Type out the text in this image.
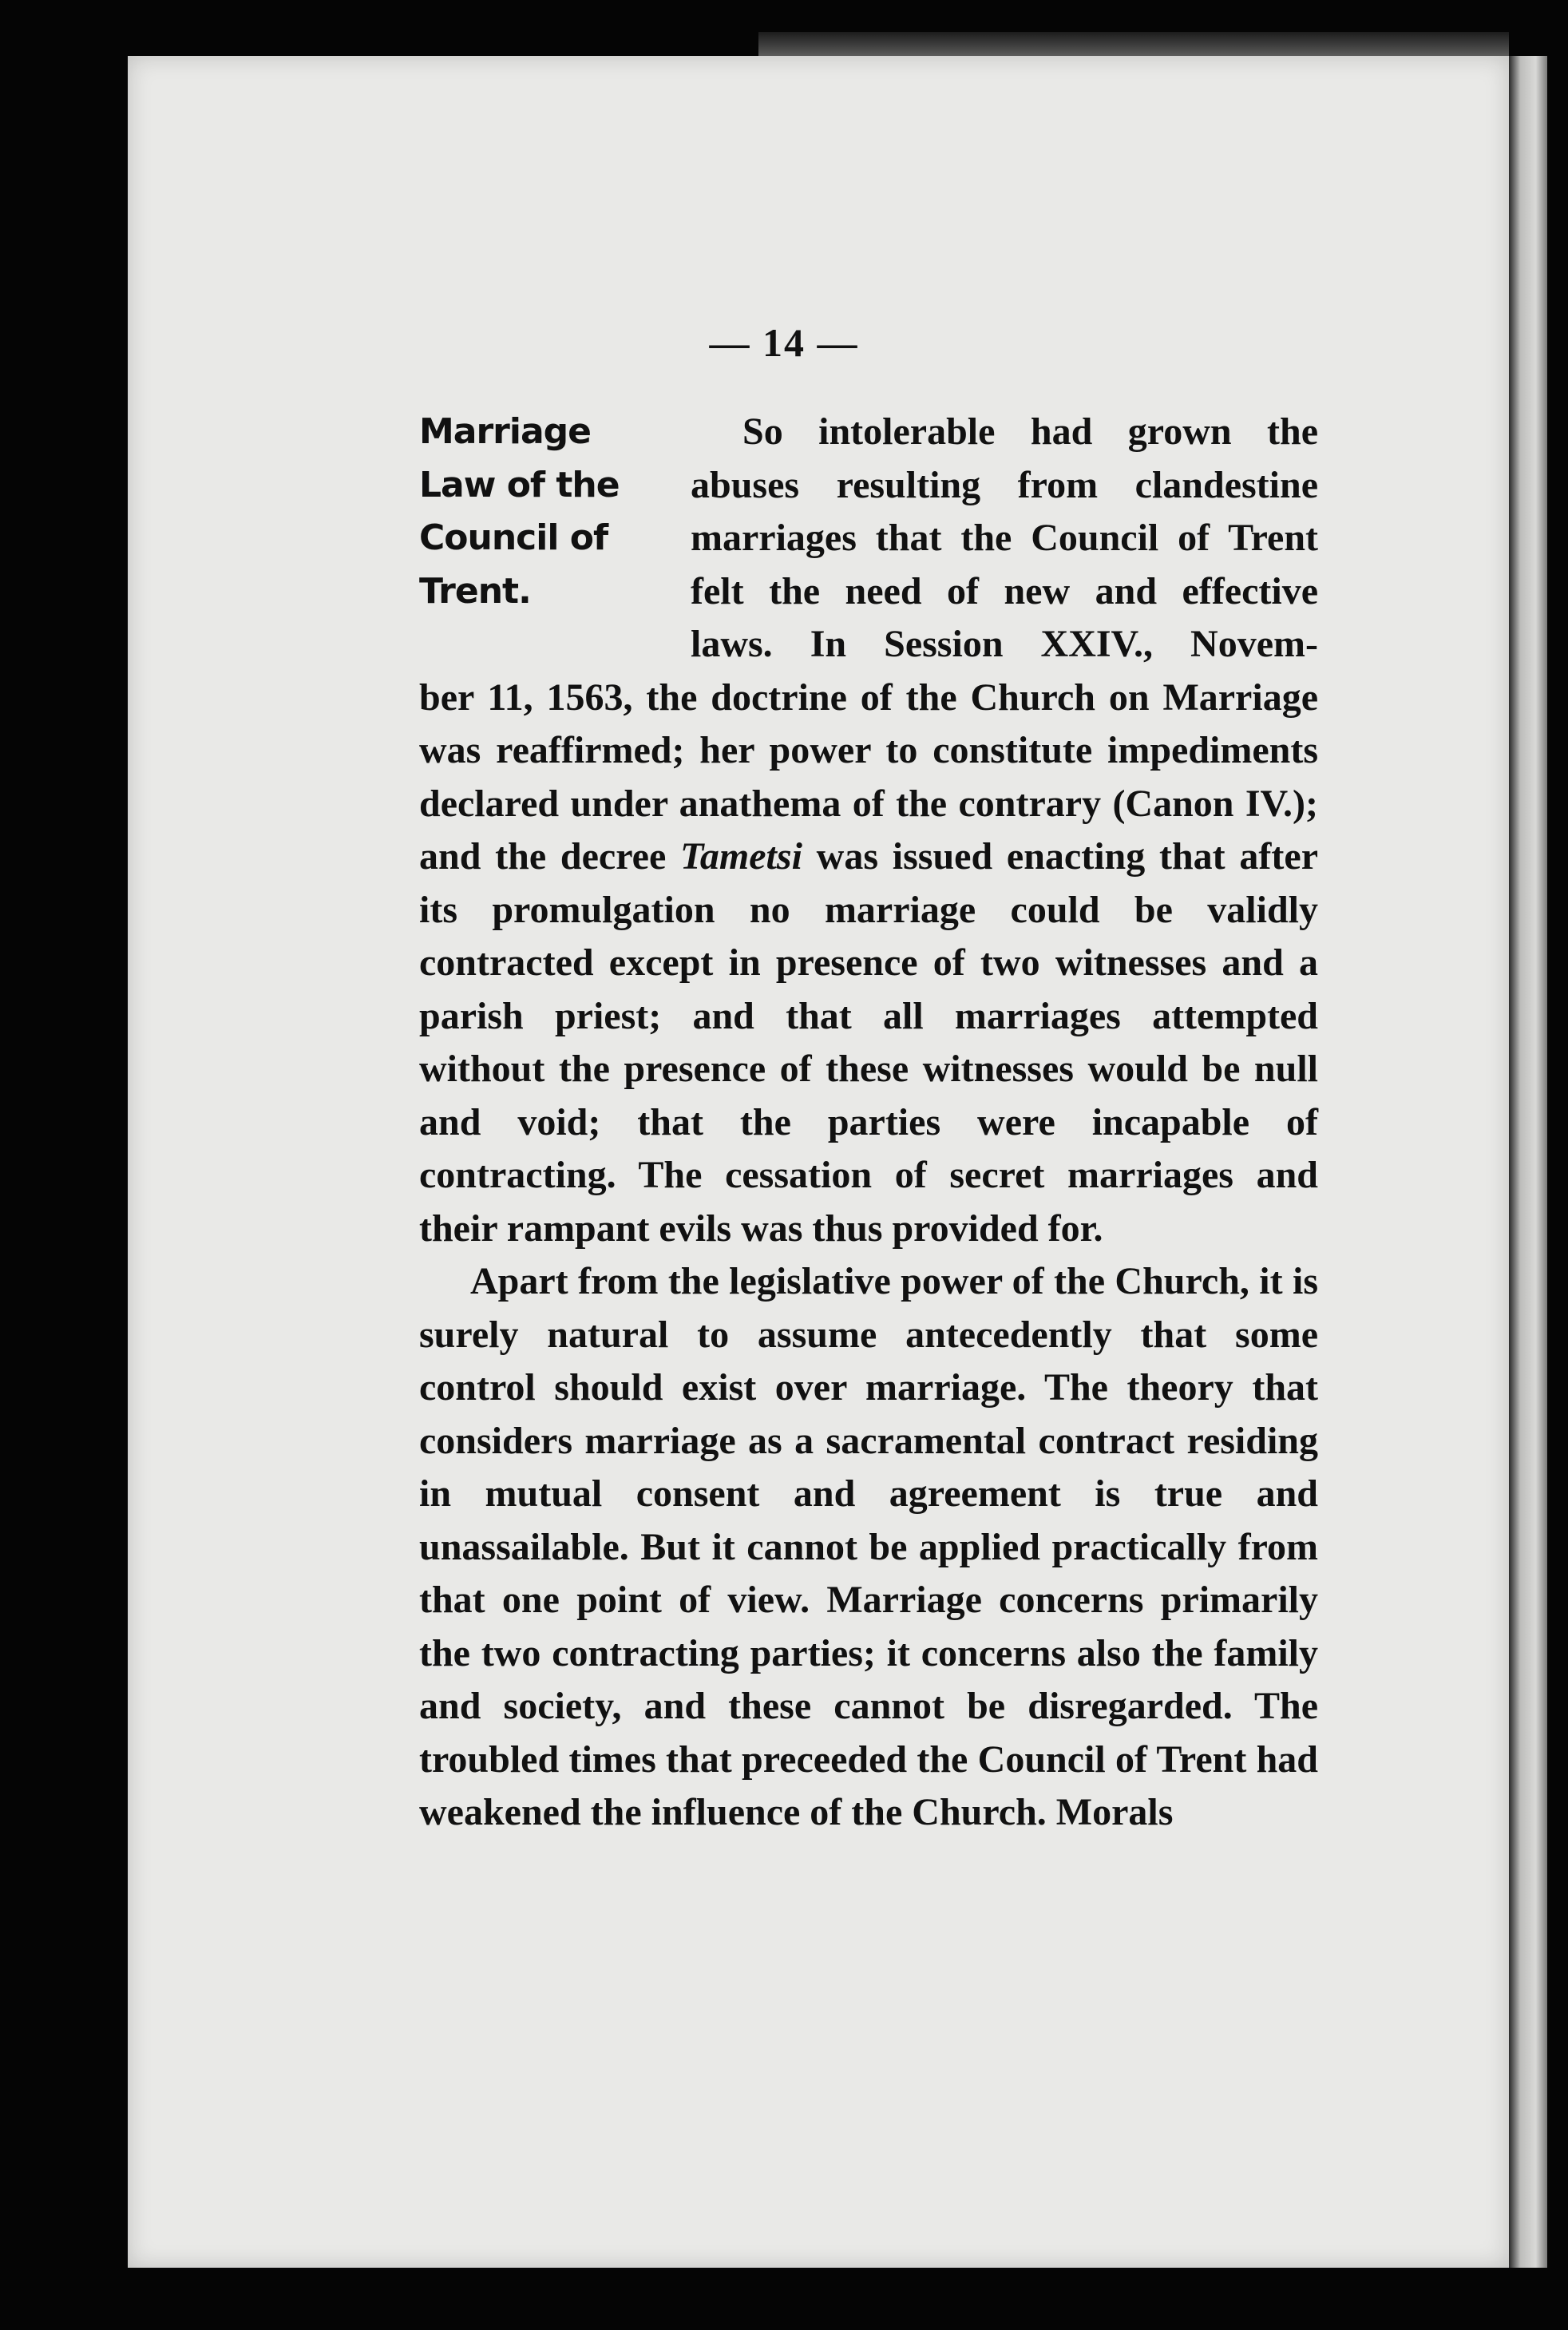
— 14 —
Marriage
Law of the
Council of
Trent.

So intolerable had grown the
abuses resulting from clandestine
marriages that the Council of Trent
felt the need of new and effective
laws. In Session XXIV., Novem-
ber 11, 1563, the doctrine of the Church on Marriage was reaffirmed; her power to constitute impediments declared under anathema of the contrary (Canon IV.); and the decree Tametsi was issued enacting that after its promulgation no marriage could be validly contracted except in presence of two witnesses and a parish priest; and that all marriages attempted without the presence of these witnesses would be null and void; that the parties were incapable of contracting. The cessation of secret marriages and their rampant evils was thus provided for.

Apart from the legislative power of the Church, it is surely natural to assume antecedently that some control should exist over marriage. The theory that considers marriage as a sacramental contract residing in mutual consent and agreement is true and unassailable. But it cannot be applied practically from that one point of view. Marriage concerns primarily the two contracting parties; it concerns also the family and society, and these cannot be disregarded. The troubled times that preceeded the Council of Trent had weakened the influence of the Church. Morals
